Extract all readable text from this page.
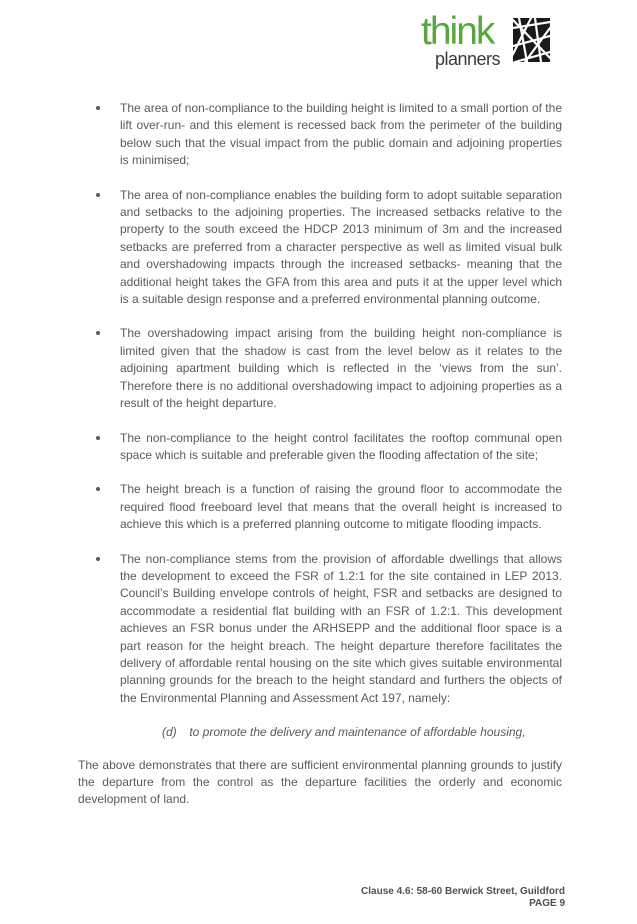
think
planners
The area of non-compliance to the building height is limited to a small portion of the lift over-run- and this element is recessed back from the perimeter of the building below such that the visual impact from the public domain and adjoining properties is minimised;
The area of non-compliance enables the building form to adopt suitable separation and setbacks to the adjoining properties. The increased setbacks relative to the property to the south exceed the HDCP 2013 minimum of 3m and the increased setbacks are preferred from a character perspective as well as limited visual bulk and overshadowing impacts through the increased setbacks- meaning that the additional height takes the GFA from this area and puts it at the upper level which is a suitable design response and a preferred environmental planning outcome.
The overshadowing impact arising from the building height non-compliance is limited given that the shadow is cast from the level below as it relates to the adjoining apartment building which is reflected in the ‘views from the sun’. Therefore there is no additional overshadowing impact to adjoining properties as a result of the height departure.
The non-compliance to the height control facilitates the rooftop communal open space which is suitable and preferable given the flooding affectation of the site;
The height breach is a function of raising the ground floor to accommodate the required flood freeboard level that means that the overall height is increased to achieve this which is a preferred planning outcome to mitigate flooding impacts.
The non-compliance stems from the provision of affordable dwellings that allows the development to exceed the FSR of 1.2:1 for the site contained in LEP 2013. Council’s Building envelope controls of height, FSR and setbacks are designed to accommodate a residential flat building with an FSR of 1.2:1. This development achieves an FSR bonus under the ARHSEPP and the additional floor space is a part reason for the height breach. The height departure therefore facilitates the delivery of affordable rental housing on the site which gives suitable environmental planning grounds for the breach to the height standard and furthers the objects of the Environmental Planning and Assessment Act 197, namely:

(d) to promote the delivery and maintenance of affordable housing,

The above demonstrates that there are sufficient environmental planning grounds to justify the departure from the control as the departure facilities the orderly and economic development of land.

Clause 4.6: 58-60 Berwick Street, Guildford
PAGE 9
